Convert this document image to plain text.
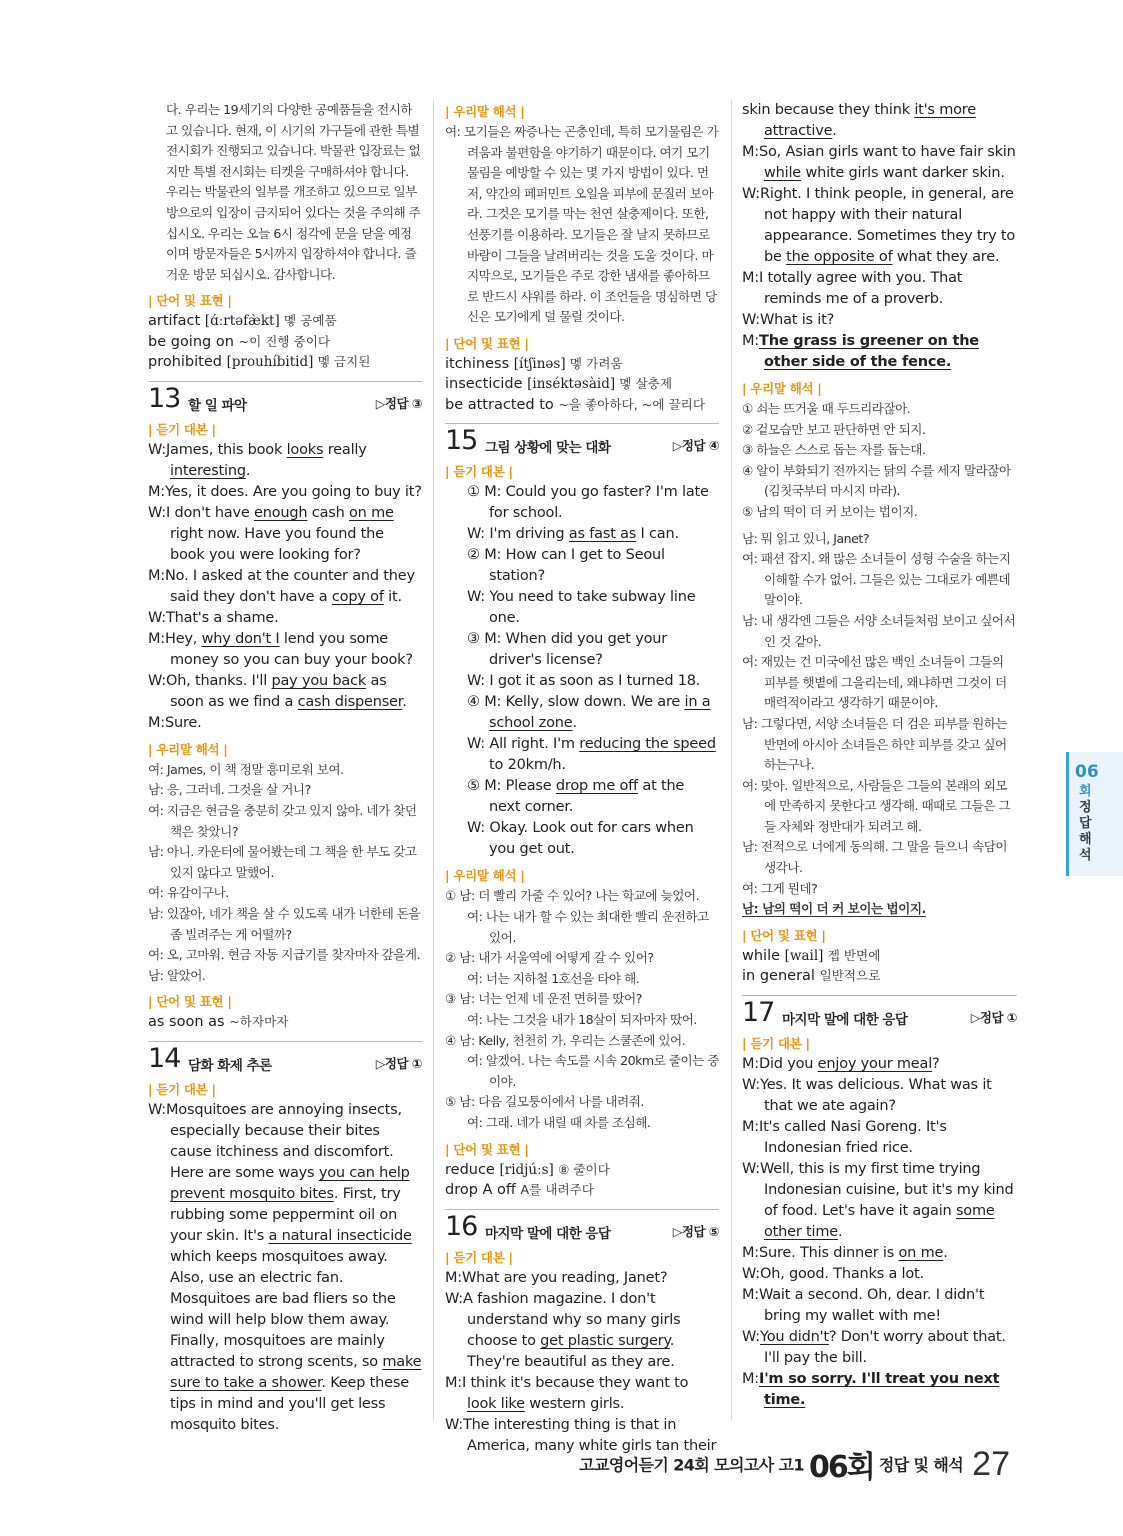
다. 우리는 19세기의 다양한 공예품들을 전시하고 있습니다. 현재, 이 시기의 가구들에 관한 특별 전시회가 진행되고 있습니다. 박물관 입장료는 없지만 특별 전시회는 티켓을 구매하셔야 합니다. 우리는 박물관의 일부를 개조하고 있으므로 일부 방으로의 입장이 금지되어 있다는 것을 주의해 주십시오. 우리는 오늘 6시 정각에 문을 닫을 예정이며 방문자들은 5시까지 입장하셔야 합니다. 즐거운 방문 되십시오. 감사합니다.
| 단어 및 표현 |
artifact [ɑ́ːrtəfæ̀kt] 몧 공예품
be going on ~이 진행 중이다
prohibited [prouhíbitid] 몧 금지된
13 할 일 파악	▷정답 ③
| 듣기 대본 |
W:James, this book looks really interesting.
M:Yes, it does. Are you going to buy it?
W:I don't have enough cash on me right now. Have you found the book you were looking for?
M:No. I asked at the counter and they said they don't have a copy of it.
W:That's a shame.
M:Hey, why don't I lend you some money so you can buy your book?
W:Oh, thanks. I'll pay you back as soon as we find a cash dispenser.
M:Sure.
| 우리말 해석 |
여: James, 이 책 정말 흥미로워 보여.
남: 응, 그러네. 그것을 살 거니?
여: 지금은 현금을 충분히 갖고 있지 않아. 네가 찾던 책은 찾았니?
남: 아니. 카운터에 물어봤는데 그 책을 한 부도 갖고 있지 않다고 말했어.
여: 유감이구나.
남: 있잖아, 네가 책을 살 수 있도록 내가 너한테 돈을 좀 빌려주는 게 어떨까?
여: 오, 고마워. 현금 자동 지급기를 찾자마자 갚을게.
남: 알았어.
| 단어 및 표현 |
as soon as ~하자마자
14 담화 화제 추론	▷정답 ①
| 듣기 대본 |
W:Mosquitoes are annoying insects, especially because their bites cause itchiness and discomfort. Here are some ways you can help prevent mosquito bites. First, try rubbing some peppermint oil on your skin. It's a natural insecticide which keeps mosquitoes away. Also, use an electric fan. Mosquitoes are bad fliers so the wind will help blow them away. Finally, mosquitoes are mainly attracted to strong scents, so make sure to take a shower. Keep these tips in mind and you'll get less mosquito bites.
| 우리말 해석 |
여: 모기들은 짜증나는 곤충인데, 특히 모기물림은 가려움과 불편함을 야기하기 때문이다. 여기 모기물림을 예방할 수 있는 몇 가지 방법이 있다. 먼저, 약간의 페퍼민트 오일을 피부에 문질러 보아라. 그것은 모기를 막는 천연 살충제이다. 또한, 선풍기를 이용하라. 모기들은 잘 날지 못하므로 바람이 그들을 날려버리는 것을 도울 것이다. 마지막으로, 모기들은 주로 강한 냄새를 좋아하므로 반드시 샤워를 하라. 이 조언들을 명심하면 당신은 모기에게 덜 물릴 것이다.
| 단어 및 표현 |
itchiness [ítʃinəs] 몧 가려움
insecticide [inséktəsàid] 몧 살충제
be attracted to ~을 좋아하다, ~에 끌리다
15 그림 상황에 맞는 대화	▷정답 ④
| 듣기 대본 |
① M: Could you go faster? I'm late for school.
W: I'm driving as fast as I can.
② M: How can I get to Seoul station?
W: You need to take subway line one.
③ M: When did you get your driver's license?
W: I got it as soon as I turned 18.
④ M: Kelly, slow down. We are in a school zone.
W: All right. I'm reducing the speed to 20km/h.
⑤ M: Please drop me off at the next corner.
W: Okay. Look out for cars when you get out.
| 우리말 해석 |
① 남: 더 빨리 가줄 수 있어? 나는 학교에 늦었어.
여: 나는 내가 할 수 있는 최대한 빨리 운전하고 있어.
② 남: 내가 서울역에 어떻게 갈 수 있어?
여: 너는 지하철 1호선을 타야 해.
③ 남: 너는 언제 네 운전 면허를 땄어?
여: 나는 그것을 내가 18살이 되자마자 땄어.
④ 남: Kelly, 천천히 가. 우리는 스쿨존에 있어.
여: 알겠어. 나는 속도를 시속 20km로 줄이는 중이야.
⑤ 남: 다음 길모퉁이에서 나를 내려줘.
여: 그래. 네가 내릴 때 차를 조심해.
| 단어 및 표현 |
reduce [ridjúːs] ⑧ 줄이다
drop A off A를 내려주다
16 마지막 말에 대한 응답	▷정답 ⑤
| 듣기 대본 |
M:What are you reading, Janet?
W:A fashion magazine. I don't understand why so many girls choose to get plastic surgery. They're beautiful as they are.
M:I think it's because they want to look like western girls.
W:The interesting thing is that in America, many white girls tan their
skin because they think it's more attractive.
M:So, Asian girls want to have fair skin while white girls want darker skin.
W:Right. I think people, in general, are not happy with their natural appearance. Sometimes they try to be the opposite of what they are.
M:I totally agree with you. That reminds me of a proverb.
W:What is it?
M:The grass is greener on the other side of the fence.
| 우리말 해석 |
① 쇠는 뜨거울 때 두드리라잖아.
② 겉모습만 보고 판단하면 안 되지.
③ 하늘은 스스로 돕는 자를 돕는대.
④ 알이 부화되기 전까지는 닭의 수를 세지 말라잖아(김칫국부터 마시지 마라).
⑤ 남의 떡이 더 커 보이는 법이지.
남: 뭐 읽고 있니, Janet?
여: 패션 잡지. 왜 많은 소녀들이 성형 수술을 하는지 이해할 수가 없어. 그들은 있는 그대로가 예쁜데 말이야.
남: 내 생각엔 그들은 서양 소녀들처럼 보이고 싶어서인 것 같아.
여: 재밌는 건 미국에선 많은 백인 소녀들이 그들의 피부를 햇볕에 그을리는데, 왜냐하면 그것이 더 매력적이라고 생각하기 때문이야.
남: 그렇다면, 서양 소녀들은 더 검은 피부를 원하는 반면에 아시아 소녀들은 하얀 피부를 갖고 싶어 하는구나.
여: 맞아. 일반적으로, 사람들은 그들의 본래의 외모에 만족하지 못한다고 생각해. 때때로 그들은 그들 자체와 정반대가 되려고 해.
남: 전적으로 너에게 동의해. 그 말을 들으니 속담이 생각나.
여: 그게 뭔데?
남: 남의 떡이 더 커 보이는 법이지.
| 단어 및 표현 |
while [wail] 젭 반면에
in general 일반적으로
17 마지막 말에 대한 응답	▷정답 ①
| 듣기 대본 |
M:Did you enjoy your meal?
W:Yes. It was delicious. What was it that we ate again?
M:It's called Nasi Goreng. It's Indonesian fried rice.
W:Well, this is my first time trying Indonesian cuisine, but it's my kind of food. Let's have it again some other time.
M:Sure. This dinner is on me.
W:Oh, good. Thanks a lot.
M:Wait a second. Oh, dear. I didn't bring my wallet with me!
W:You didn't? Don't worry about that. I'll pay the bill.
M:I'm so sorry. I'll treat you next time.
06
회
정
답
해
석
고교영어듣기 24회 모의고사 고1 06회 정답 및 해석 27
